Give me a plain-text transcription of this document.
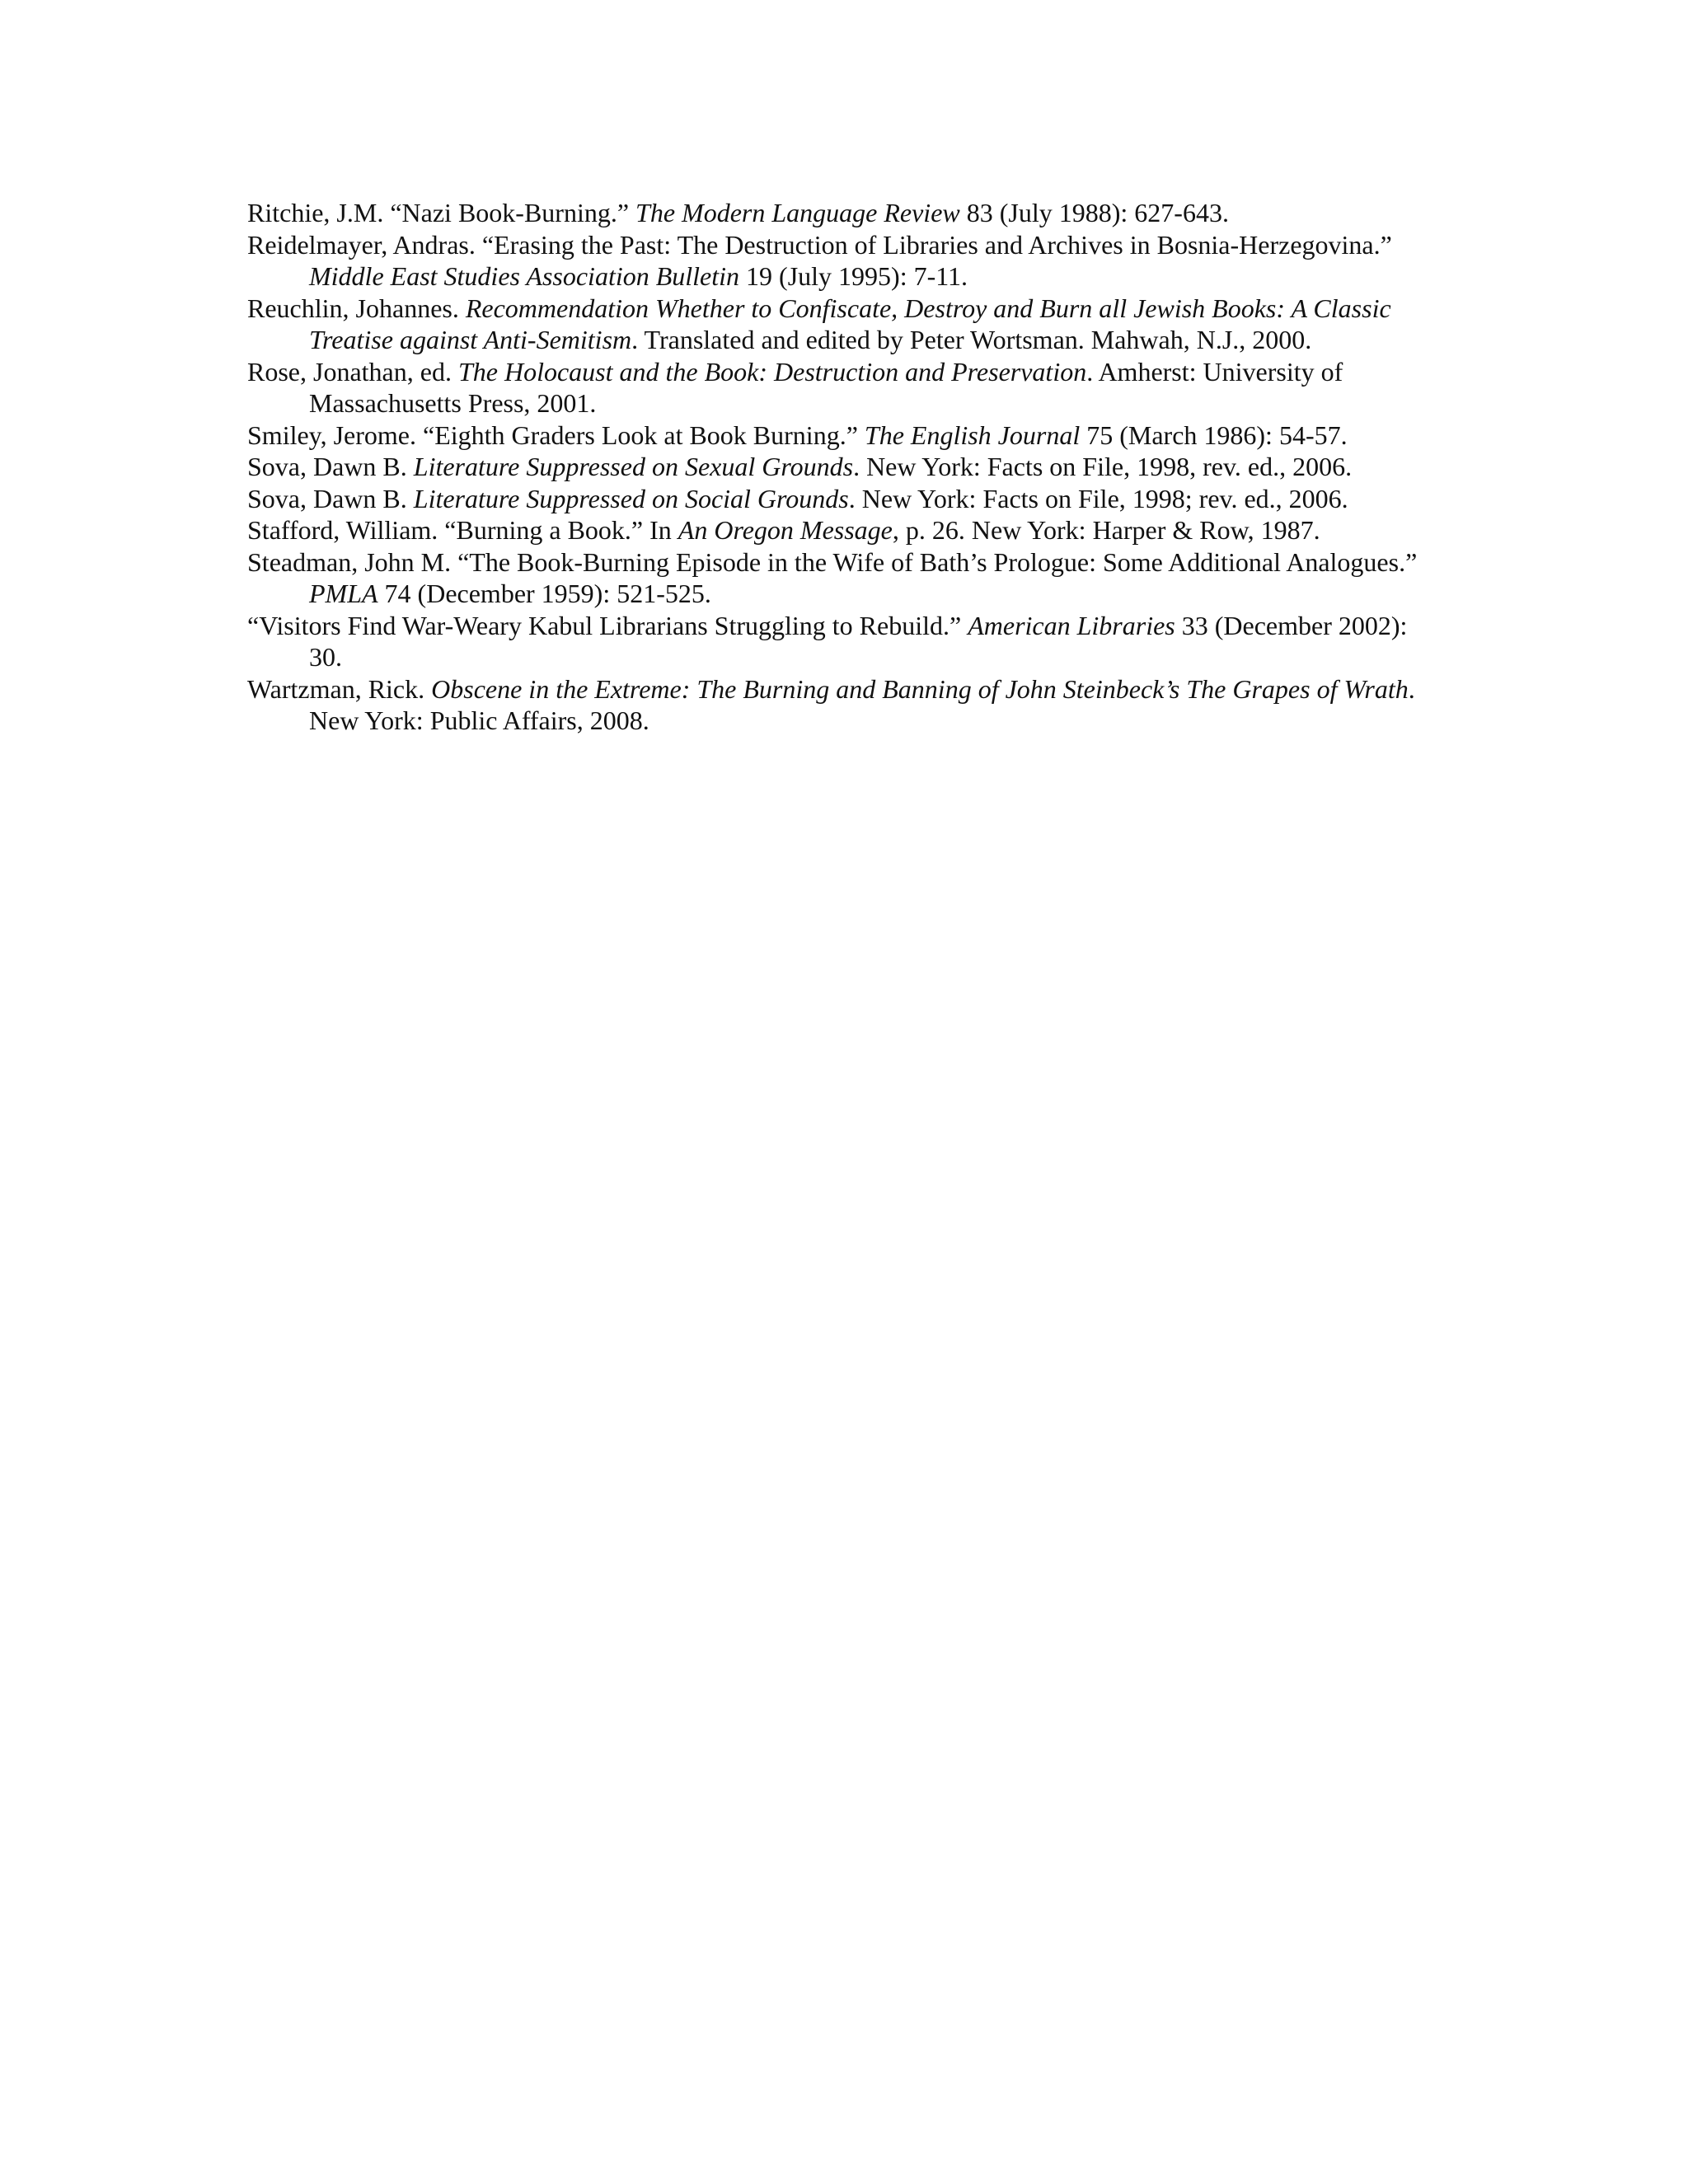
Ritchie, J.M. “Nazi Book-Burning.” The Modern Language Review 83 (July 1988): 627-643.
Reidelmayer, Andras. “Erasing the Past: The Destruction of Libraries and Archives in Bosnia-Herzegovina.” Middle East Studies Association Bulletin 19 (July 1995): 7-11.
Reuchlin, Johannes. Recommendation Whether to Confiscate, Destroy and Burn all Jewish Books: A Classic Treatise against Anti-Semitism. Translated and edited by Peter Wortsman. Mahwah, N.J., 2000.
Rose, Jonathan, ed. The Holocaust and the Book: Destruction and Preservation. Amherst: University of Massachusetts Press, 2001.
Smiley, Jerome. “Eighth Graders Look at Book Burning.” The English Journal 75 (March 1986): 54-57.
Sova, Dawn B. Literature Suppressed on Sexual Grounds. New York: Facts on File, 1998, rev. ed., 2006.
Sova, Dawn B. Literature Suppressed on Social Grounds. New York: Facts on File, 1998; rev. ed., 2006.
Stafford, William. “Burning a Book.” In An Oregon Message, p. 26. New York: Harper & Row, 1987.
Steadman, John M. “The Book-Burning Episode in the Wife of Bath’s Prologue: Some Additional Analogues.” PMLA 74 (December 1959): 521-525.
“Visitors Find War-Weary Kabul Librarians Struggling to Rebuild.” American Libraries 33 (December 2002): 30.
Wartzman, Rick. Obscene in the Extreme: The Burning and Banning of John Steinbeck’s The Grapes of Wrath. New York: Public Affairs, 2008.
